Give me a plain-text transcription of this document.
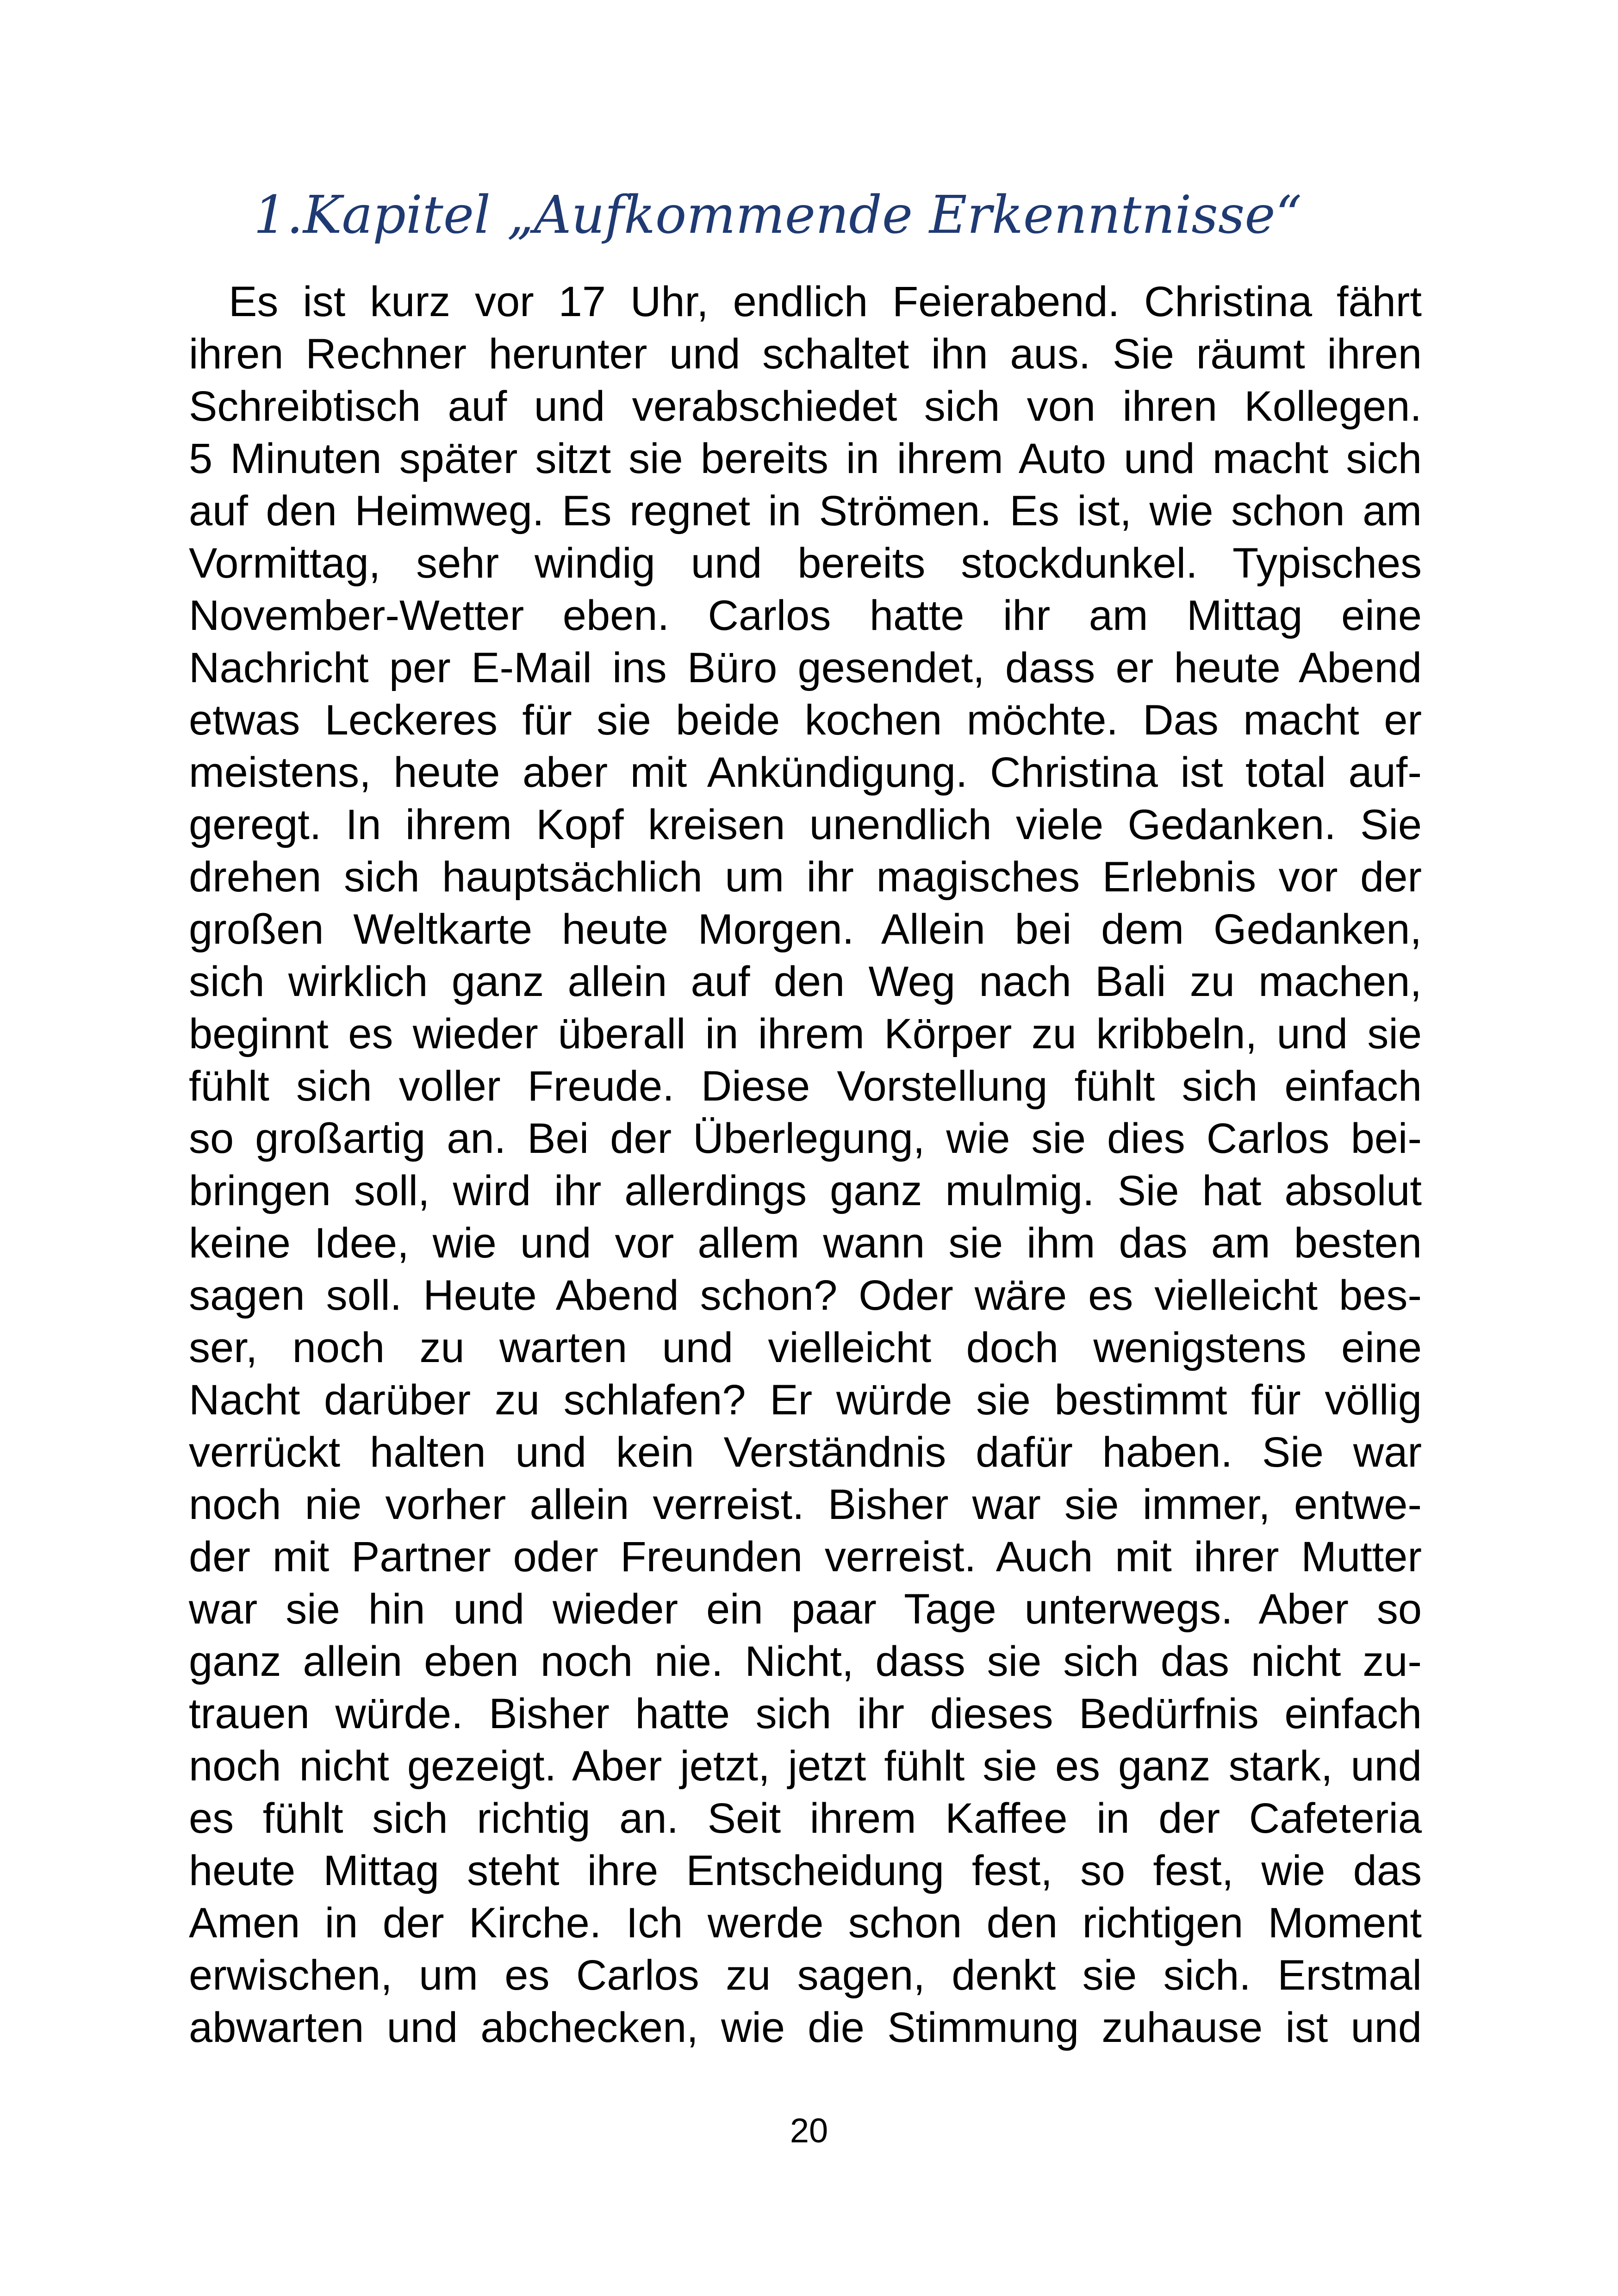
1.Kapitel „Aufkommende Erkenntnisse“
Es ist kurz vor 17 Uhr, endlich Feierabend. Christina fährt
ihren Rechner herunter und schaltet ihn aus. Sie räumt ihren
Schreibtisch auf und verabschiedet sich von ihren Kollegen.
5 Minuten später sitzt sie bereits in ihrem Auto und macht sich
auf den Heimweg. Es regnet in Strömen. Es ist, wie schon am
Vormittag, sehr windig und bereits stockdunkel. Typisches
November-Wetter eben. Carlos hatte ihr am Mittag eine
Nachricht per E-Mail ins Büro gesendet, dass er heute Abend
etwas Leckeres für sie beide kochen möchte. Das macht er
meistens, heute aber mit Ankündigung. Christina ist total auf-
geregt. In ihrem Kopf kreisen unendlich viele Gedanken. Sie
drehen sich hauptsächlich um ihr magisches Erlebnis vor der
großen Weltkarte heute Morgen. Allein bei dem Gedanken,
sich wirklich ganz allein auf den Weg nach Bali zu machen,
beginnt es wieder überall in ihrem Körper zu kribbeln, und sie
fühlt sich voller Freude. Diese Vorstellung fühlt sich einfach
so großartig an. Bei der Überlegung, wie sie dies Carlos bei-
bringen soll, wird ihr allerdings ganz mulmig. Sie hat absolut
keine Idee, wie und vor allem wann sie ihm das am besten
sagen soll. Heute Abend schon? Oder wäre es vielleicht bes-
ser, noch zu warten und vielleicht doch wenigstens eine
Nacht darüber zu schlafen? Er würde sie bestimmt für völlig
verrückt halten und kein Verständnis dafür haben. Sie war
noch nie vorher allein verreist. Bisher war sie immer, entwe-
der mit Partner oder Freunden verreist. Auch mit ihrer Mutter
war sie hin und wieder ein paar Tage unterwegs. Aber so
ganz allein eben noch nie. Nicht, dass sie sich das nicht zu-
trauen würde. Bisher hatte sich ihr dieses Bedürfnis einfach
noch nicht gezeigt. Aber jetzt, jetzt fühlt sie es ganz stark, und
es fühlt sich richtig an. Seit ihrem Kaffee in der Cafeteria
heute Mittag steht ihre Entscheidung fest, so fest, wie das
Amen in der Kirche. Ich werde schon den richtigen Moment
erwischen, um es Carlos zu sagen, denkt sie sich. Erstmal
abwarten und abchecken, wie die Stimmung zuhause ist und

20
